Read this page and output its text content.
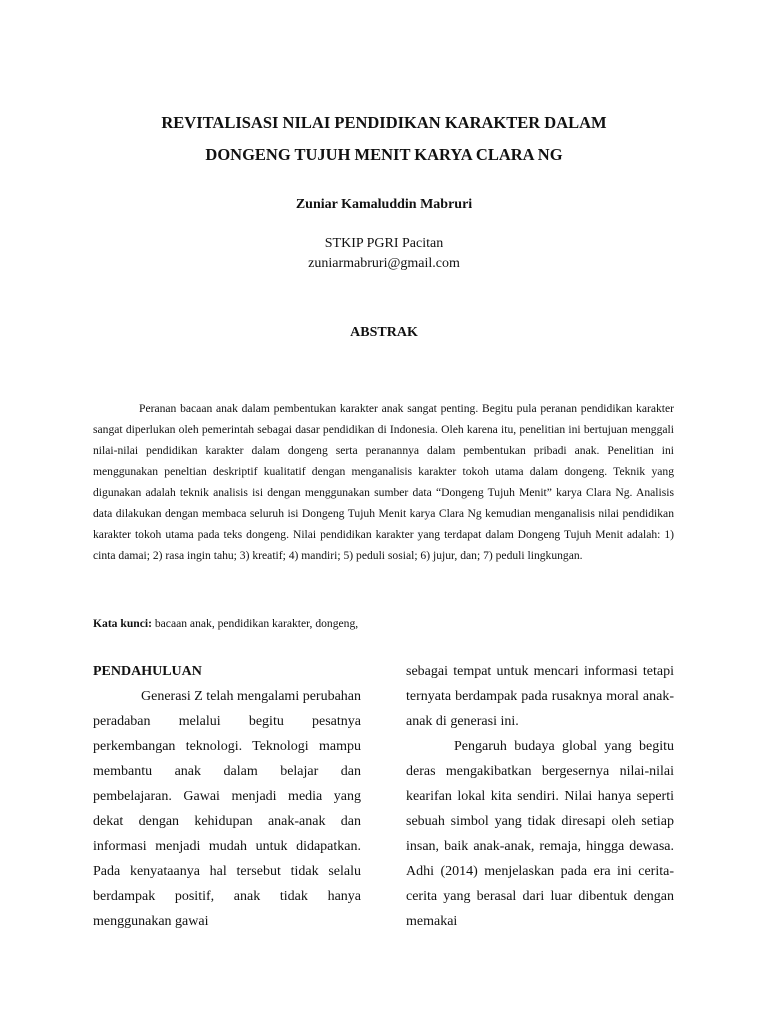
REVITALISASI NILAI PENDIDIKAN KARAKTER DALAM
DONGENG TUJUH MENIT KARYA CLARA NG

Zuniar Kamaluddin Mabruri

STKIP PGRI Pacitan

zuniarmabruri@gmail.com

ABSTRAK

Peranan bacaan anak dalam pembentukan karakter anak sangat penting. Begitu pula peranan pendidikan karakter sangat diperlukan oleh pemerintah sebagai dasar pendidikan di Indonesia. Oleh karena itu, penelitian ini bertujuan menggali nilai-nilai pendidikan karakter dalam dongeng serta peranannya dalam pembentukan pribadi anak. Penelitian ini menggunakan peneltian deskriptif kualitatif dengan menganalisis karakter tokoh utama dalam dongeng. Teknik yang digunakan adalah teknik analisis isi dengan menggunakan sumber data “Dongeng Tujuh Menit” karya Clara Ng. Analisis data dilakukan dengan membaca seluruh isi Dongeng Tujuh Menit karya Clara Ng kemudian menganalisis nilai pendidikan karakter tokoh utama pada teks dongeng. Nilai pendidikan karakter yang terdapat dalam Dongeng Tujuh Menit adalah: 1) cinta damai; 2) rasa ingin tahu; 3) kreatif; 4) mandiri; 5) peduli sosial; 6) jujur, dan; 7) peduli lingkungan.

Kata kunci: bacaan anak, pendidikan karakter, dongeng,

PENDAHULUAN

Generasi Z telah mengalami perubahan peradaban melalui begitu pesatnya perkembangan teknologi. Teknologi mampu membantu anak dalam belajar dan pembelajaran. Gawai menjadi media yang dekat dengan kehidupan anak-anak dan informasi menjadi mudah untuk didapatkan. Pada kenyataanya hal tersebut tidak selalu berdampak positif, anak tidak hanya menggunakan gawai

sebagai tempat untuk mencari informasi tetapi ternyata berdampak pada rusaknya moral anak-anak di generasi ini.

Pengaruh budaya global yang begitu deras mengakibatkan bergesernya nilai-nilai kearifan lokal kita sendiri. Nilai hanya seperti sebuah simbol yang tidak diresapi oleh setiap insan, baik anak-anak, remaja, hingga dewasa. Adhi (2014) menjelaskan pada era ini cerita-cerita yang berasal dari luar dibentuk dengan memakai
